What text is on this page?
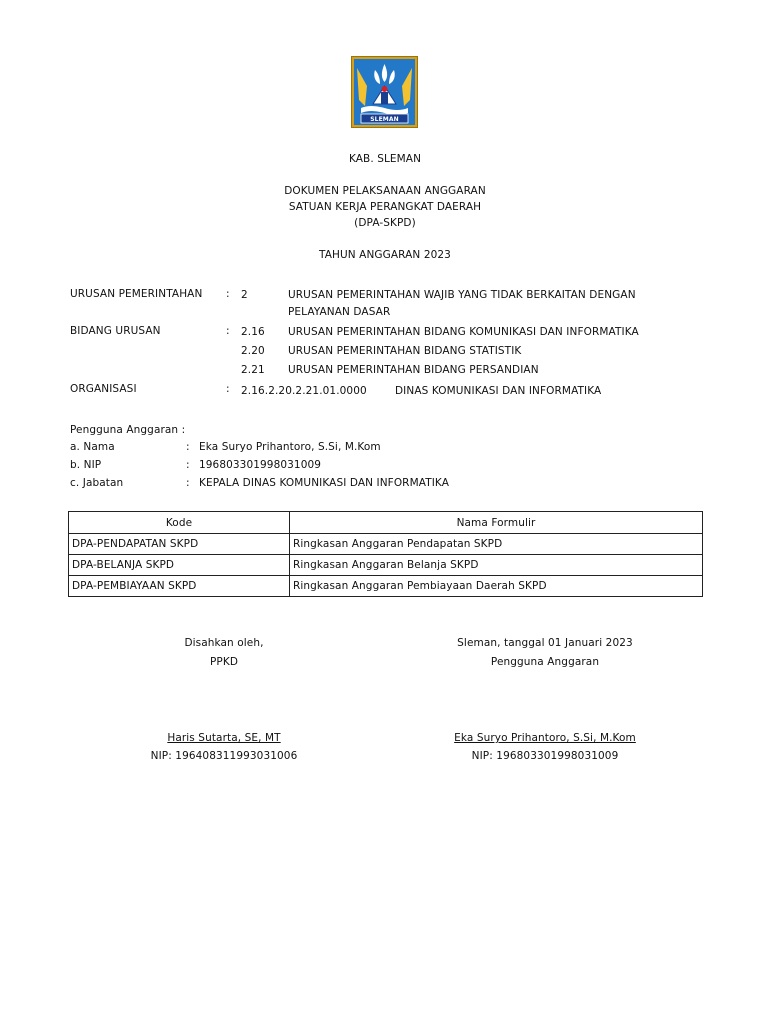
SLEMAN
KAB. SLEMAN
DOKUMEN PELAKSANAAN ANGGARAN
SATUAN KERJA PERANGKAT DAERAH
(DPA-SKPD)
TAHUN ANGGARAN 2023
URUSAN PEMERINTAHAN : 2	URUSAN PEMERINTAHAN WAJIB YANG TIDAK BERKAITAN DENGAN
PELAYANAN DASAR
BIDANG URUSAN	: 2.16 URUSAN PEMERINTAHAN BIDANG KOMUNIKASI DAN INFORMATIKA
2.20 URUSAN PEMERINTAHAN BIDANG STATISTIK
2.21 URUSAN PEMERINTAHAN BIDANG PERSANDIAN
ORGANISASI	: 2.16.2.20.2.21.01.0000	DINAS KOMUNIKASI DAN INFORMATIKA
Pengguna Anggaran :
a. Nama	: Eka Suryo Prihantoro, S.Si, M.Kom
b. NIP	: 196803301998031009
c. Jabatan	: KEPALA DINAS KOMUNIKASI DAN INFORMATIKA
Kode	Nama Formulir
DPA-PENDAPATAN SKPD	Ringkasan Anggaran Pendapatan SKPD
DPA-BELANJA SKPD	Ringkasan Anggaran Belanja SKPD
DPA-PEMBIAYAAN SKPD	Ringkasan Anggaran Pembiayaan Daerah SKPD
Disahkan oleh,
PPKD
Haris Sutarta, SE, MT
NIP: 196408311993031006
Sleman, tanggal 01 Januari 2023
Pengguna Anggaran
Eka Suryo Prihantoro, S.Si, M.Kom
NIP: 196803301998031009
